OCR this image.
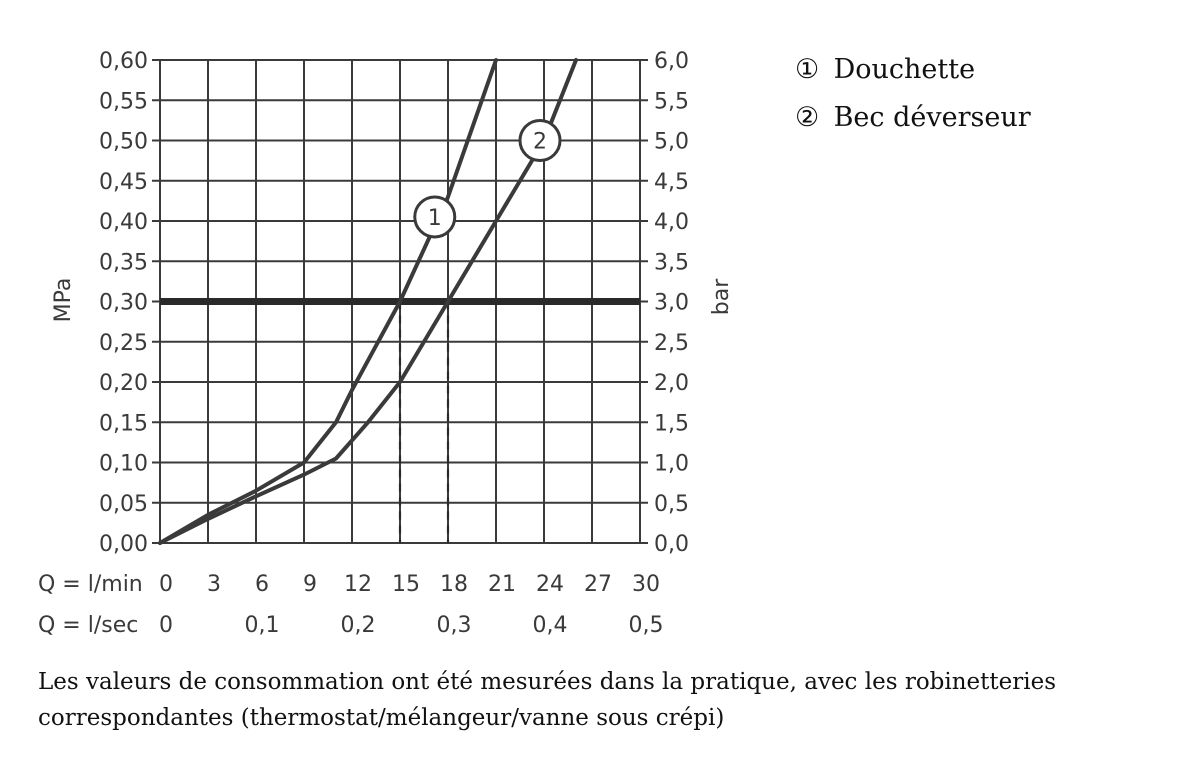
1
2
0,00
0,05
0,10
0,15
0,20
0,25
0,30
0,35
0,40
0,45
0,50
0,55
0,60
0,0
0,5
1,0
1,5
2,0
2,5
3,0
3,5
4,0
4,5
5,0
5,5
6,0
Q = l/min 0 3 6 9 12 15 18 21 24 27 30
Q = l/sec 0	0,1	0,2	0,3	0,4	0,5
MPa	bar
① Douchette
② Bec déverseur

Les valeurs de consommation ont été mesurées dans la pratique, avec les robinetteries

correspondantes (thermostat/mélangeur/vanne sous crépi)
